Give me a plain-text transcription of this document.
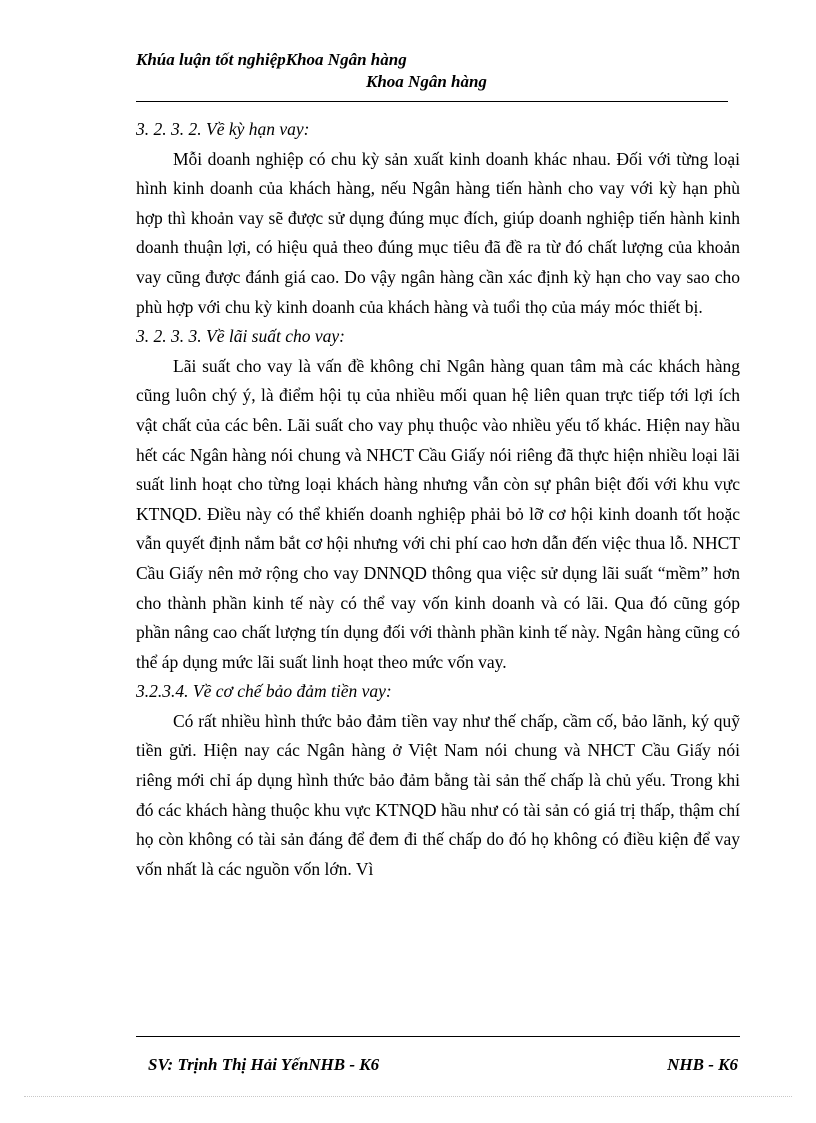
Khúa luận tốt nghiệpKhoa Ngân hàng
Khoa Ngân hàng

3. 2. 3. 2. Về kỳ hạn vay:

Mỗi doanh nghiệp có chu kỳ sản xuất kinh doanh khác nhau. Đối với từng loại hình kinh doanh của khách hàng, nếu Ngân hàng tiến hành cho vay với kỳ hạn phù hợp thì khoản vay sẽ được sử dụng đúng mục đích, giúp doanh nghiệp tiến hành kinh doanh thuận lợi, có hiệu quả theo đúng mục tiêu đã đề ra từ đó chất lượng của khoản vay cũng được đánh giá cao. Do vậy ngân hàng cần xác định kỳ hạn cho vay sao cho phù hợp với chu kỳ kinh doanh của khách hàng và tuổi thọ của máy móc thiết bị.

3. 2. 3. 3. Về lãi suất cho vay:

Lãi suất cho vay là vấn đề không chỉ Ngân hàng quan tâm mà các khách hàng cũng luôn chý ý, là điểm hội tụ của nhiều mối quan hệ liên quan trực tiếp tới lợi ích vật chất của các bên. Lãi suất cho vay phụ thuộc vào nhiều yếu tố khác. Hiện nay hầu hết các Ngân hàng nói chung và NHCT Cầu Giấy nói riêng đã thực hiện nhiều loại lãi suất linh hoạt cho từng loại khách hàng nhưng vẫn còn sự phân biệt đối với khu vực KTNQD. Điều này có thể khiến doanh nghiệp phải bỏ lỡ cơ hội kinh doanh tốt hoặc vẫn quyết định nắm bắt cơ hội nhưng với chi phí cao hơn dẫn đến việc thua lỗ. NHCT Cầu Giấy nên mở rộng cho vay DNNQD thông qua việc sử dụng lãi suất “mềm” hơn cho thành phần kinh tế này có thể vay vốn kinh doanh và có lãi. Qua đó cũng góp phần nâng cao chất lượng tín dụng đối với thành phần kinh tế này. Ngân hàng cũng có thể áp dụng mức lãi suất linh hoạt theo mức vốn vay.

3.2.3.4. Về cơ chế bảo đảm tiền vay:

Có rất nhiều hình thức bảo đảm tiền vay như thế chấp, cầm cố, bảo lãnh, ký quỹ tiền gửi. Hiện nay các Ngân hàng ở Việt Nam nói chung và NHCT Cầu Giấy nói riêng mới chỉ áp dụng hình thức bảo đảm bằng tài sản thế chấp là chủ yếu. Trong khi đó các khách hàng thuộc khu vực KTNQD hầu như có tài sản có giá trị thấp, thậm chí họ còn không có tài sản đáng để đem đi thế chấp do đó họ không có điều kiện để vay vốn nhất là các nguồn vốn lớn. Vì

SV: Trịnh Thị Hải YếnNHB - K6	NHB - K6
